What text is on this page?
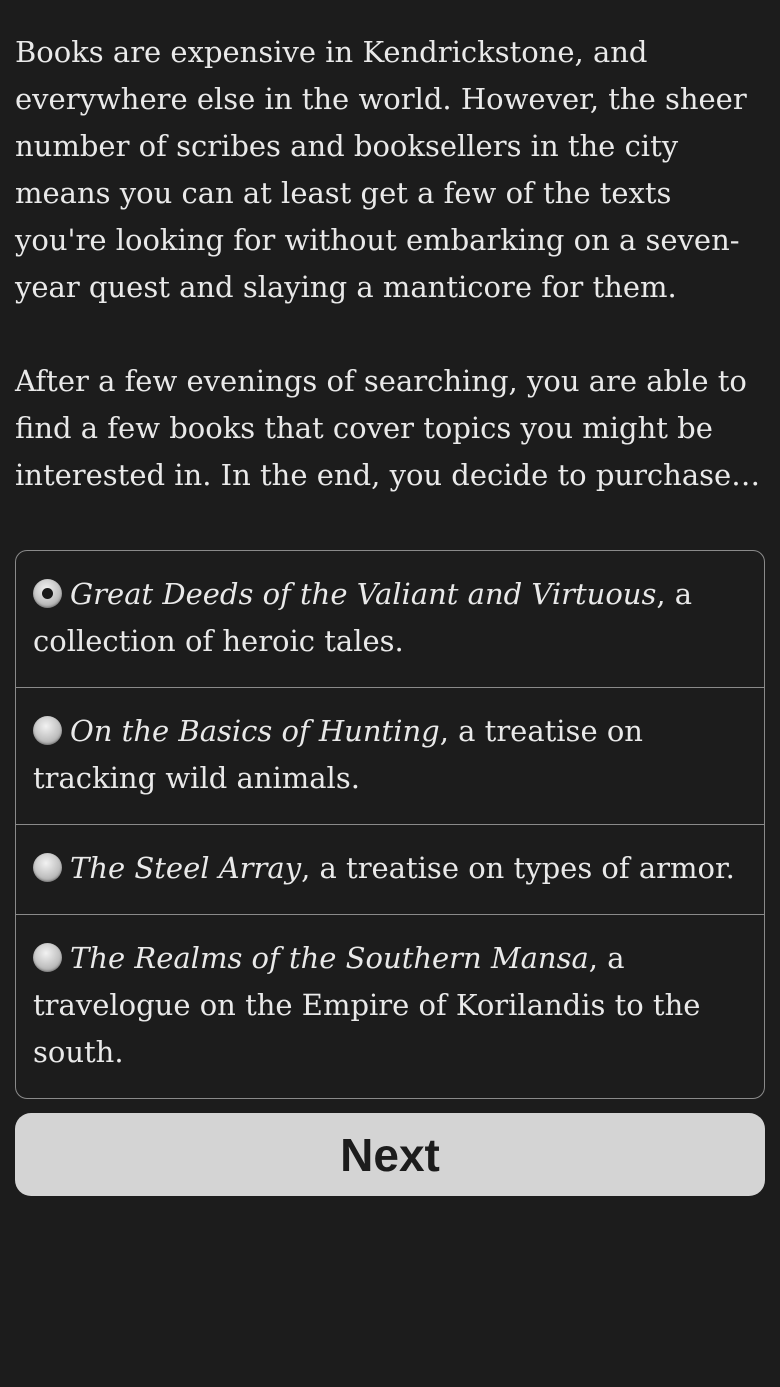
Books are expensive in Kendrickstone, and everywhere else in the world. However, the sheer number of scribes and booksellers in the city means you can at least get a few of the texts you're looking for without embarking on a seven-year quest and slaying a manticore for them.

After a few evenings of searching, you are able to find a few books that cover topics you might be interested in. In the end, you decide to purchase…

Great Deeds of the Valiant and Virtuous, a collection of heroic tales.
On the Basics of Hunting, a treatise on tracking wild animals.
The Steel Array, a treatise on types of armor.
The Realms of the Southern Mansa, a travelogue on the Empire of Korilandis to the south.
Next
